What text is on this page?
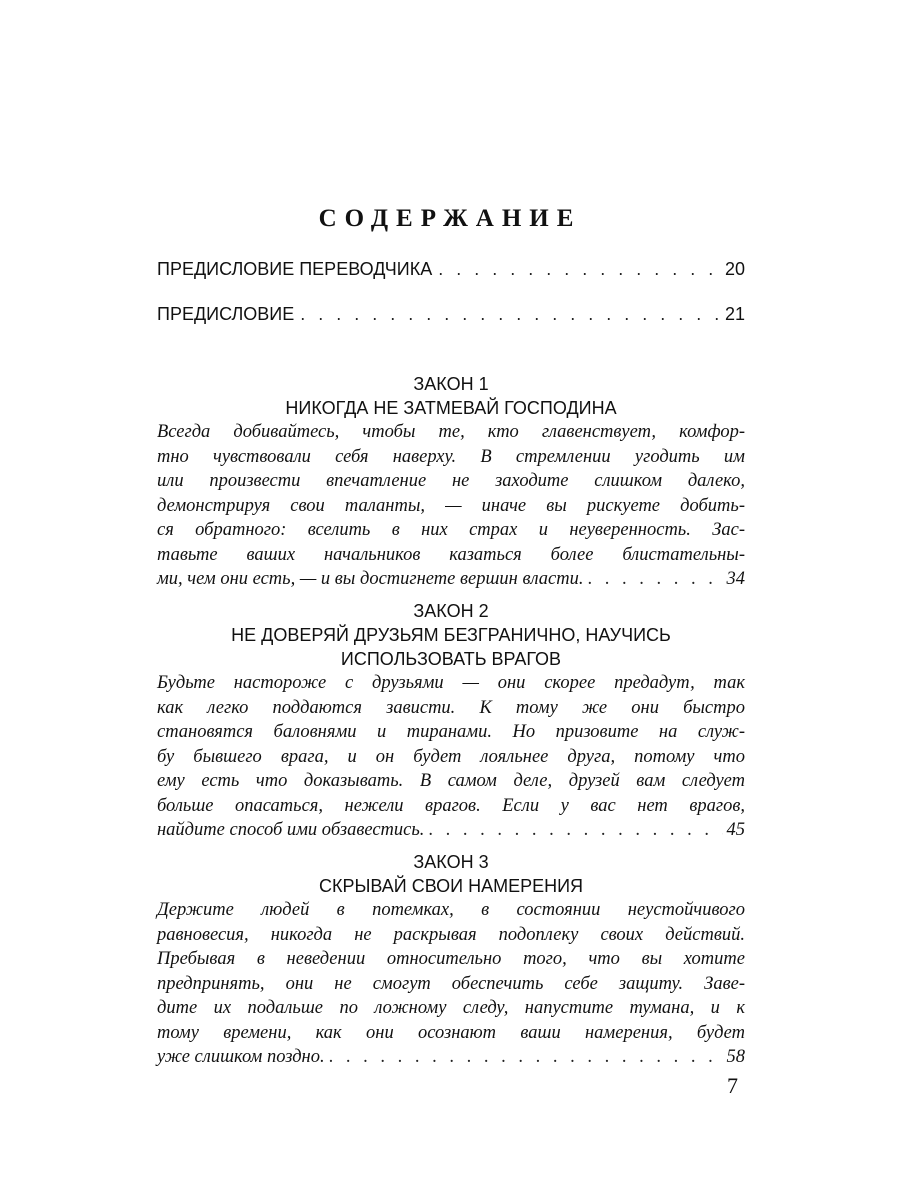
СОДЕРЖАНИЕ
ПРЕДИСЛОВИЕ ПЕРЕВОДЧИКА . . .	20
ПРЕДИСЛОВИЕ . . .	21
ЗАКОН 1
НИКОГДА НЕ ЗАТМЕВАЙ ГОСПОДИНА
Всегда добивайтесь, чтобы те, кто главенствует, комфор-
тно чувствовали себя наверху. В стремлении угодить им
или произвести впечатление не заходите слишком далеко,
демонстрируя свои таланты, — иначе вы рискуете добить-
ся обратного: вселить в них страх и неуверенность. Зас-
тавьте ваших начальников казаться более блистательны-
ми, чем они есть, — и вы достигнете вершин власти. . . .	34
ЗАКОН 2
НЕ ДОВЕРЯЙ ДРУЗЬЯМ БЕЗГРАНИЧНО, НАУЧИСЬ
ИСПОЛЬЗОВАТЬ ВРАГОВ
Будьте настороже с друзьями — они скорее предадут, так
как легко поддаются зависти. К тому же они быстро
становятся баловнями и тиранами. Но призовите на служ-
бу бывшего врага, и он будет лояльнее друга, потому что
ему есть что доказывать. В самом деле, друзей вам следует
больше опасаться, нежели врагов. Если у вас нет врагов,
найдите способ ими обзавестись. . . .	45
ЗАКОН 3
СКРЫВАЙ СВОИ НАМЕРЕНИЯ
Держите людей в потемках, в состоянии неустойчивого
равновесия, никогда не раскрывая подоплеку своих действий.
Пребывая в неведении относительно того, что вы хотите
предпринять, они не смогут обеспечить себе защиту. Заве-
дите их подальше по ложному следу, напустите тумана, и к
тому времени, как они осознают ваши намерения, будет
уже слишком поздно. . . .	58
7
